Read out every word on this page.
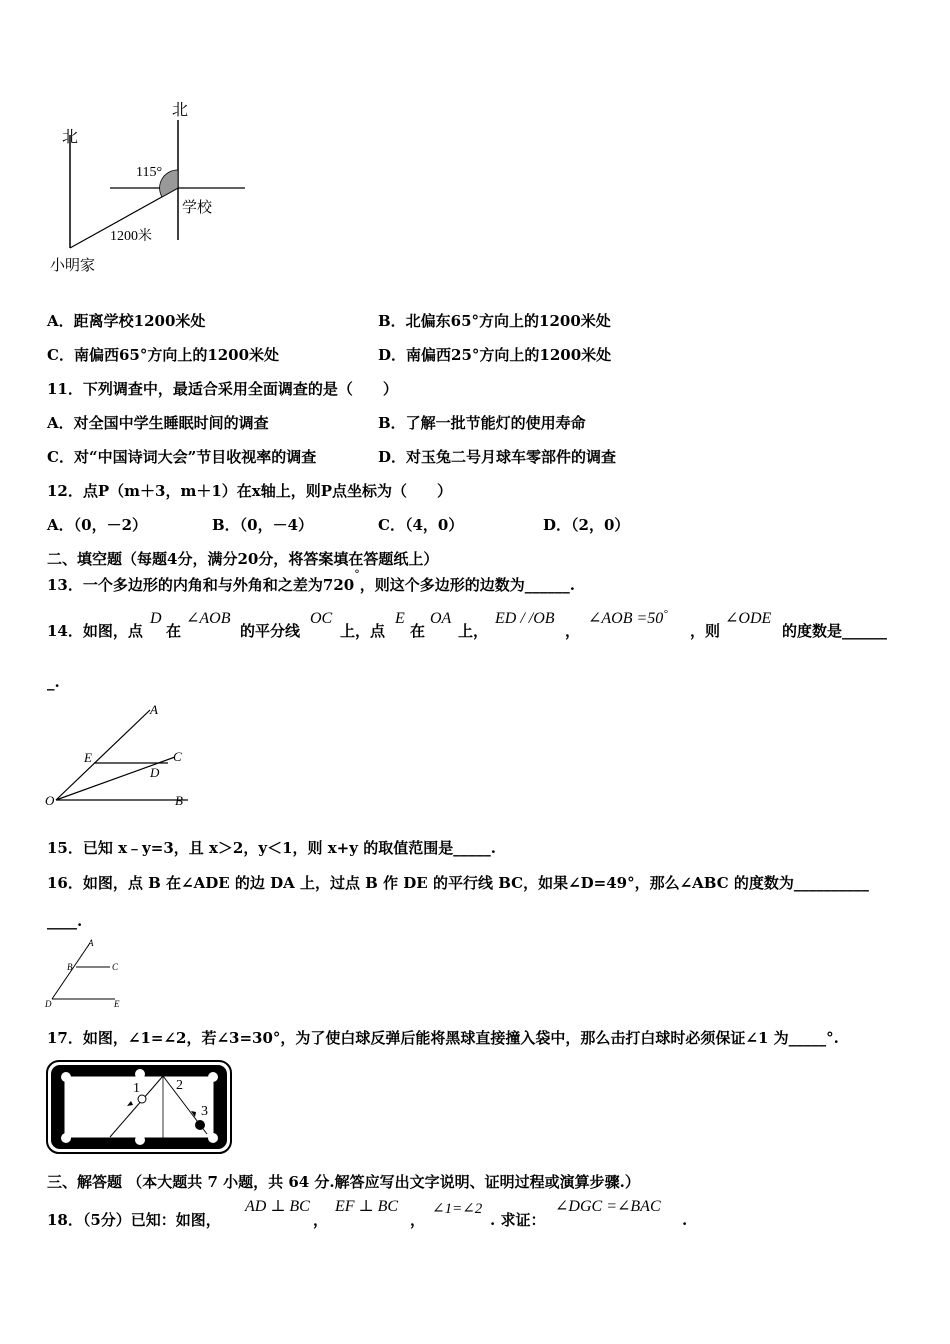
北
北
115°
学校
1200米
小明家
A．距离学校1200米处	B．北偏东65°方向上的1200米处
C．南偏西65°方向上的1200米处	D．南偏西25°方向上的1200米处
11．下列调查中，最适合采用全面调查的是（　　）
A．对全国中学生睡眠时间的调查	B．了解一批节能灯的使用寿命
C．对“中国诗词大会”节目收视率的调查	D．对玉兔二号月球车零部件的调查
12．点P（m＋3，m＋1）在x轴上，则P点坐标为（　　）
A．（0，－2）	B．（0，－4）	C．（4，0）	D．（2，0）
二、填空题（每题4分，满分20分，将答案填在答题纸上）
13．一个多边形的内角和与外角和之差为720°，则这个多边形的边数为______.
14．如图，点
D
在
∠AOB
的平分线
OC
上，点
E
在
OA
上，
ED / /OB
，
∠AOB =50°
，则
∠ODE
的度数是______
_.
A
E	C
D
O	B
15．已知 x﹣y=3，且 x＞2，y＜1，则 x+y 的取值范围是_____.
16．如图，点 B 在∠ADE 的边 DA 上，过点 B 作 DE 的平行线 BC，如果∠D=49°，那么∠ABC 的度数为__________
____.
A
B	C
D	E
17．如图，∠1=∠2，若∠3=30°，为了使白球反弹后能将黑球直接撞入袋中，那么击打白球时必须保证∠1 为_____°.
1	2
3
三、解答题 （本大题共 7 小题，共 64 分.解答应写出文字说明、证明过程或演算步骤.）
18．（5分）已知：如图，
AD ⊥ BC
，
EF ⊥ BC
，
∠1=∠2
. 求证：
∠DGC =∠BAC
.
